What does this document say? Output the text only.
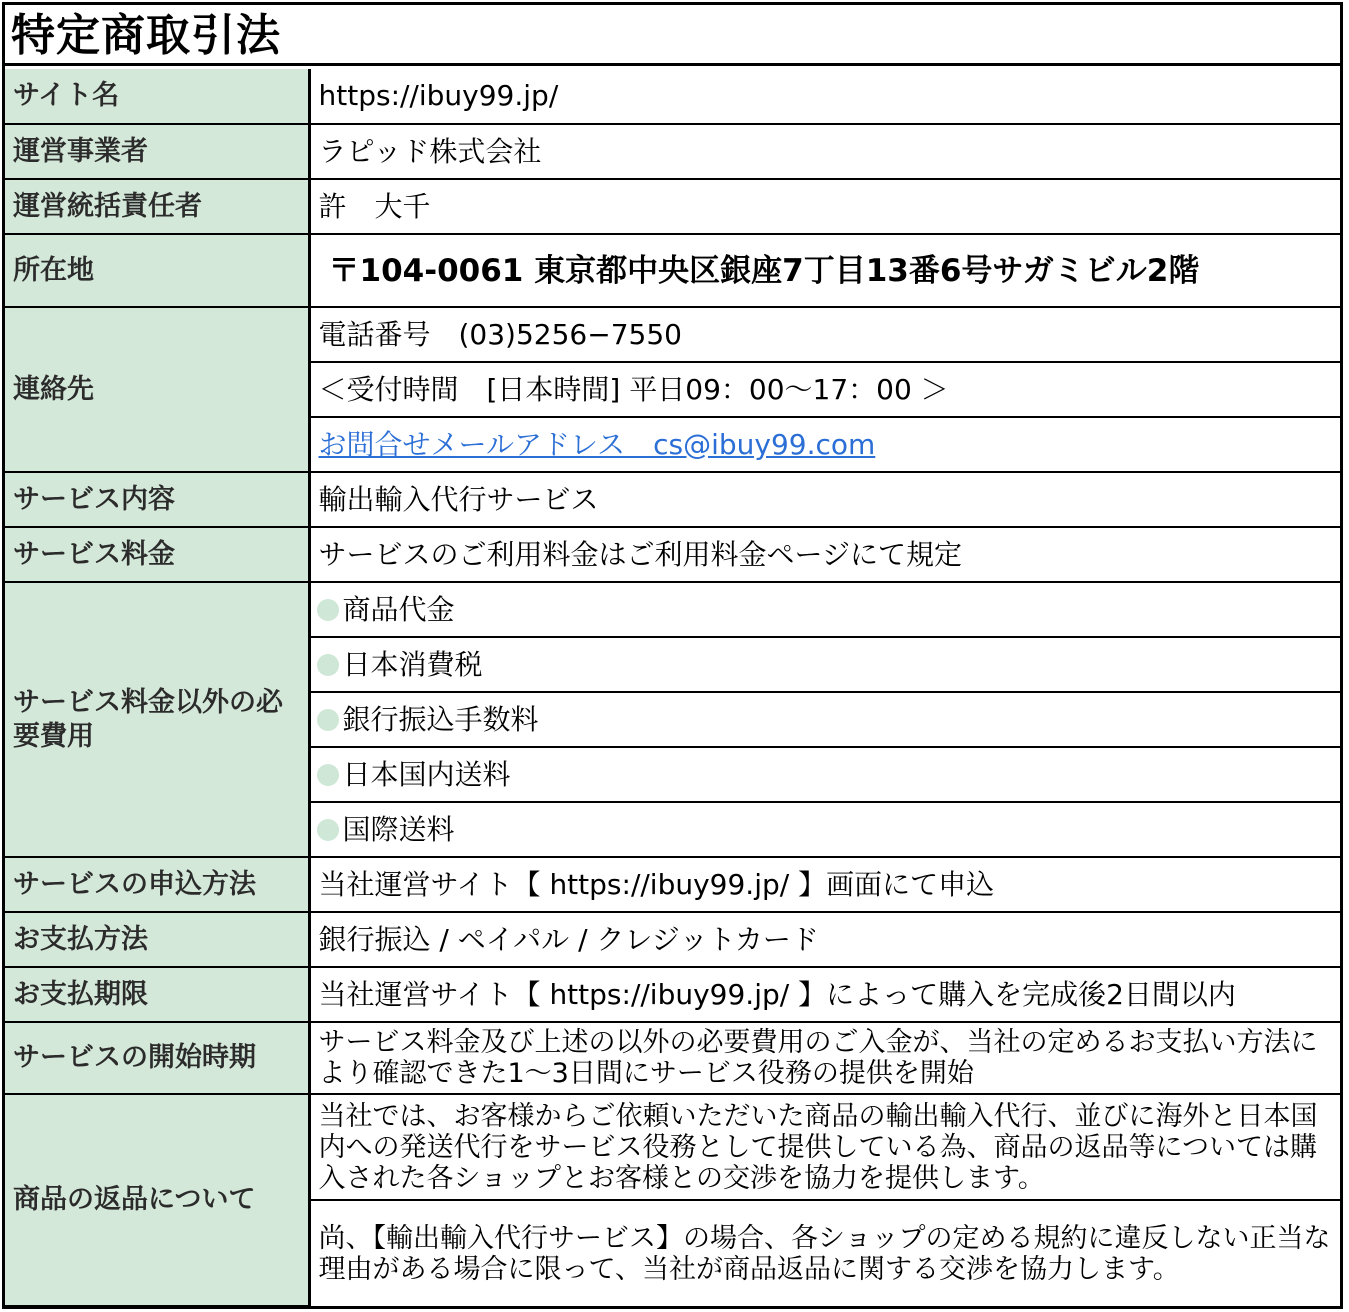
特定商取引法
サイト名	https://ibuy99.jp/
運営事業者	ラピッド株式会社
運営統括責任者	許　大千
所在地	〒104-0061 東京都中央区銀座7丁目13番6号サガミビル2階
連絡先	電話番号　(03)5256−7550
	＜受付時間　[日本時間] 平日09：00〜17：00 ＞
	お問合せメールアドレス　cs@ibuy99.com
サービス内容	輸出輸入代行サービス
サービス料金	サービスのご利用料金はご利用料金ページにて規定
サービス料金以外の必要費用	商品代金
	日本消費税
	銀行振込手数料
	日本国内送料
	国際送料
サービスの申込方法	当社運営サイト【 https://ibuy99.jp/ 】画面にて申込
お支払方法	銀行振込 / ペイパル / クレジットカード
お支払期限	当社運営サイト【 https://ibuy99.jp/ 】によって購入を完成後2日間以内
サービスの開始時期	サービス料金及び上述の以外の必要費用のご入金が、当社の定めるお支払い方法により確認できた1〜3日間にサービス役務の提供を開始
商品の返品について	当社では、お客様からご依頼いただいた商品の輸出輸入代行、並びに海外と日本国内への発送代行をサービス役務として提供している為、商品の返品等については購入された各ショップとお客様との交渉を協力を提供します。
	尚、【輸出輸入代行サービス】の場合、各ショップの定める規約に違反しない正当な理由がある場合に限って、当社が商品返品に関する交渉を協力します。
